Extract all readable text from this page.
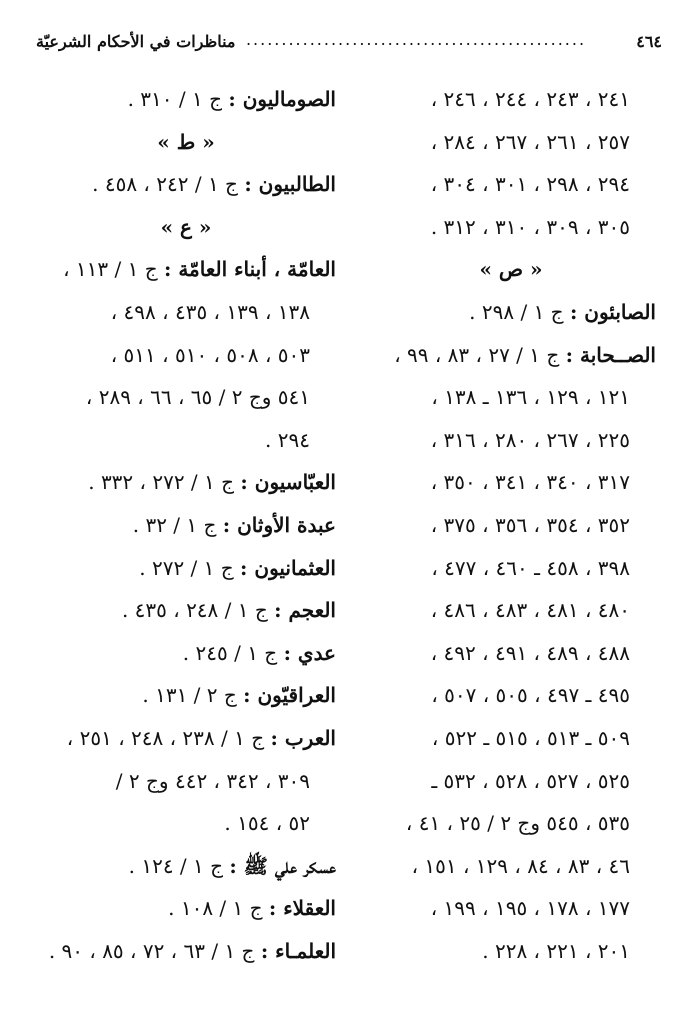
٤٦٤
................................................
مناظرات في الأحكام الشرعيّة
٢٤١ ، ٢٤٣ ، ٢٤٤ ، ٢٤٦ ،
٢٥٧ ، ٢٦١ ، ٢٦٧ ، ٢٨٤ ،
٢٩٤ ، ٢٩٨ ، ٣٠١ ، ٣٠٤ ،
٣٠٥ ، ٣٠٩ ، ٣١٠ ، ٣١٢ .
« ص »
الصابئون : ج ١ / ٢٩٨ .
الصــحابة : ج ١ / ٢٧ ، ٨٣ ، ٩٩ ،
١٢١ ، ١٢٩ ، ١٣٦ ـ ١٣٨ ،
٢٢٥ ، ٢٦٧ ، ٢٨٠ ، ٣١٦ ،
٣١٧ ، ٣٤٠ ، ٣٤١ ، ٣٥٠ ،
٣٥٢ ، ٣٥٤ ، ٣٥٦ ، ٣٧٥ ،
٣٩٨ ، ٤٥٨ ـ ٤٦٠ ، ٤٧٧ ،
٤٨٠ ، ٤٨١ ، ٤٨٣ ، ٤٨٦ ،
٤٨٨ ، ٤٨٩ ، ٤٩١ ، ٤٩٢ ،
٤٩٥ ـ ٤٩٧ ، ٥٠٥ ، ٥٠٧ ،
٥٠٩ ـ ٥١٣ ، ٥١٥ ـ ٥٢٢ ،
٥٢٥ ، ٥٢٧ ، ٥٢٨ ، ٥٣٢ ـ
٥٣٥ ، ٥٤٥ وج ٢ / ٢٥ ، ٤١ ،
٤٦ ، ٨٣ ، ٨٤ ، ١٢٩ ، ١٥١ ،
١٧٧ ، ١٧٨ ، ١٩٥ ، ١٩٩ ،
٢٠١ ، ٢٢١ ، ٢٢٨ .
الصوماليون : ج ١ / ٣١٠ .
« ط »
الطالبيون : ج ١ / ٢٤٢ ، ٤٥٨ .
« ع »
العامّة ، أبناء العامّة : ج ١ / ١١٣ ،
١٣٨ ، ١٣٩ ، ٤٣٥ ، ٤٩٨ ،
٥٠٣ ، ٥٠٨ ، ٥١٠ ، ٥١١ ،
٥٤١ وج ٢ / ٦٥ ، ٦٦ ، ٢٨٩ ،
٢٩٤ .
العبّاسيون : ج ١ / ٢٧٢ ، ٣٣٢ .
عبدة الأوثان : ج ١ / ٣٢ .
العثمانيون : ج ١ / ٢٧٢ .
العجم : ج ١ / ٢٤٨ ، ٤٣٥ .
عدي : ج ١ / ٢٤٥ .
العراقيّون : ج ٢ / ١٣١ .
العرب : ج ١ / ٢٣٨ ، ٢٤٨ ، ٢٥١ ،
٣٠٩ ، ٣٤٢ ، ٤٤٢ وج ٢ /
٥٢ ، ١٥٤ .
عسكر علي ﷺ : ج ١ / ١٢٤ .
العقلاء : ج ١ / ١٠٨ .
العلمـاء : ج ١ / ٦٣ ، ٧٢ ، ٨٥ ، ٩٠ .
